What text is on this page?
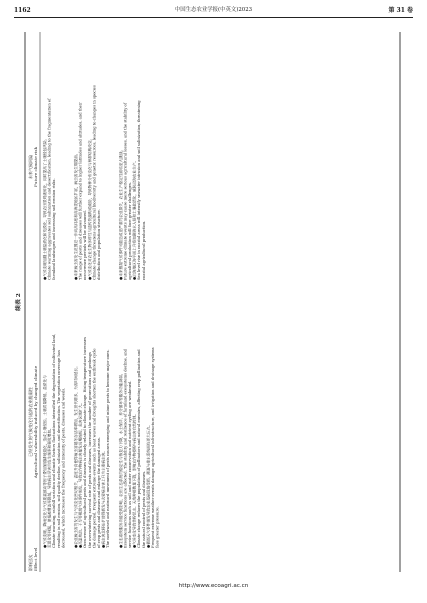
1162	中国生态农业学报(中英文)2023	第 31 卷
续表 2
影响层次 Effect level
已经发生的气候变化引起的农业脆弱性 Agricultural vulnerability induced by changed climate
未来气候风险 Future climate risk
●气候变暖、降雨变化与气候要素波动等因子叠加加剧耕地退化，造成土壤侵蚀、土壤质量降低、盐渍化与 荒漠化等问题，使植被覆盖率降低，导致病虫草害的发生频率和强度增加。 Climate warming, rainfall variation and climatic factors fluctuations intensified the degradation of cultivated land, resulting in soil erosion, soil quality decline, salinization and desertification. The vegetation coverage has decreased, which increases the frequency and intensity of pests, diseases and weeds.
●气候变暖加剧土壤盐渍化和荒漠化，导致农田景观破碎化，同时提高了土壤侵蚀风险。 Climate warming aggravates soil salinization and desertification, leading to the fragmentation of farmland landscapes and increasing soil erosion risks.
●农业病虫害的发生与气候变化密切相关，温度升高使得病虫害越冬存活率增加，发生世代增多，为害时间延长。 ●高温热浪、干旱等极端气候事件频发，导致农作物病虫害暴发周期缩短，危害区域扩大。 Occurrence of agricultural pests and diseases is closely related to climate change. Rising temperature increases the overwintering survival rate of pests and diseases, increases the number of generations and prolongs the damage period. Frequent extreme events such as heat waves and droughts shorten the outbreak cycle of crop pests and diseases and enlarge the damaged areas. ●病虫害北移东扩使得新发与次要病虫害上升为主要病虫害。 The northward and eastward movement of pests causes emerging and minor pests to become major ones.
●未来病虫害发生范围进一步向高纬度和高海拔地区扩展，病虫害发生期提前。 The range of pests and diseases will further expand to higher latitudes and altitudes, and their occurrence periods will be advanced. ●气候变化对农业生物多样性与遗传资源构成威胁，导致物种分布变化与种群结构改变。 Climate change threatens agricultural biodiversity and genetic resources, leading to changes in species distribution and population structure.
●生态系统服务功能受到影响，农田生态系统的稳定性与恢复力下降，水土保持、养分循环等服务功能减弱。 Ecosystem service functions are affected. The stability and resilience of farmland ecosystems decline, and service functions such as soil and water conservation and nutrient cycling are weakened. ●气候变化导致传粉昆虫、天敌种群数量下降，影响农作物授粉与病虫害自然控制。 Climate change reduces the populations of pollinators and natural enemies, affecting crop pollination and the natural control of pests and diseases. ●极端天气事件频发导致农业基础设施受损，灌溉与排水系统面临更大压力。 Frequent extreme weather events damage agricultural infrastructure, and irrigation and drainage systems face greater pressure.
●未来极端气候事件可能造成更严重的农业损失，农业生产稳定性面临更大挑战。 Future extreme climate events may cause more serious agricultural losses, and the stability of agricultural production will face greater challenges. ●沿海地区海平面上升将加剧海水入侵和土壤盐渍化，威胁沿海农业生产。 Sea level rise in coastal areas will intensify seawater intrusion and soil salinization, threatening coastal agricultural production.
http://www.ecoagri.ac.cn
